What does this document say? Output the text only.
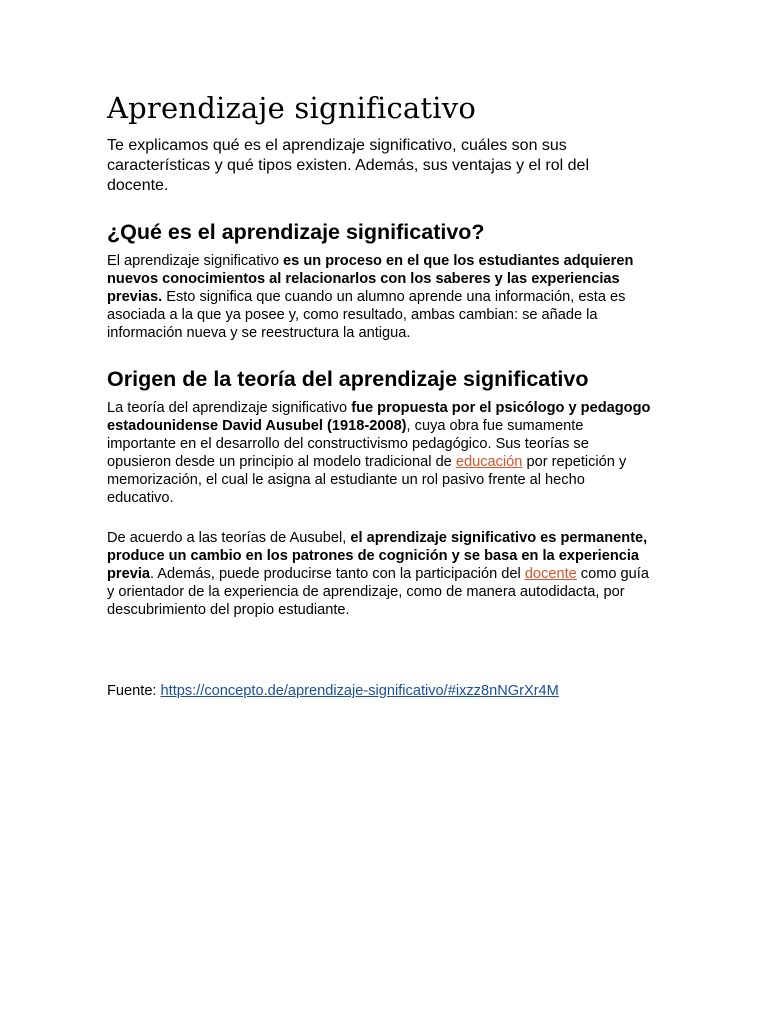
Aprendizaje significativo

Te explicamos qué es el aprendizaje significativo, cuáles son sus características y qué tipos existen. Además, sus ventajas y el rol del docente.

¿Qué es el aprendizaje significativo?

El aprendizaje significativo es un proceso en el que los estudiantes adquieren nuevos conocimientos al relacionarlos con los saberes y las experiencias previas. Esto significa que cuando un alumno aprende una información, esta es asociada a la que ya posee y, como resultado, ambas cambian: se añade la información nueva y se reestructura la antigua.

Origen de la teoría del aprendizaje significativo

La teoría del aprendizaje significativo fue propuesta por el psicólogo y pedagogo estadounidense David Ausubel (1918-2008), cuya obra fue sumamente importante en el desarrollo del constructivismo pedagógico. Sus teorías se opusieron desde un principio al modelo tradicional de educación por repetición y memorización, el cual le asigna al estudiante un rol pasivo frente al hecho educativo.

De acuerdo a las teorías de Ausubel, el aprendizaje significativo es permanente, produce un cambio en los patrones de cognición y se basa en la experiencia previa. Además, puede producirse tanto con la participación del docente como guía y orientador de la experiencia de aprendizaje, como de manera autodidacta, por descubrimiento del propio estudiante.

Fuente: https://concepto.de/aprendizaje-significativo/#ixzz8nNGrXr4M
